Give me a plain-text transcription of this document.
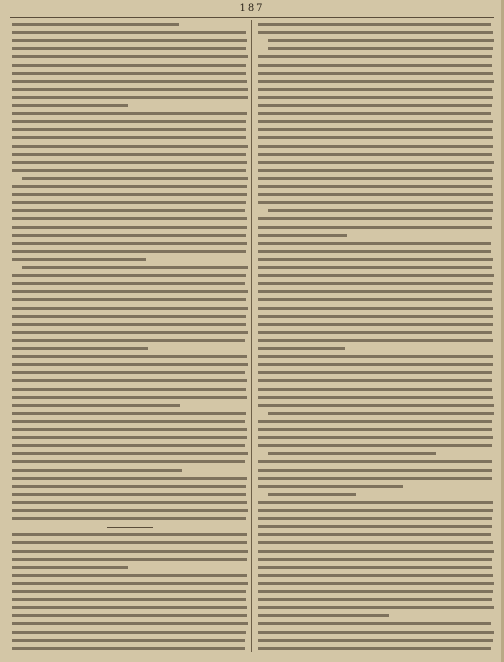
187
